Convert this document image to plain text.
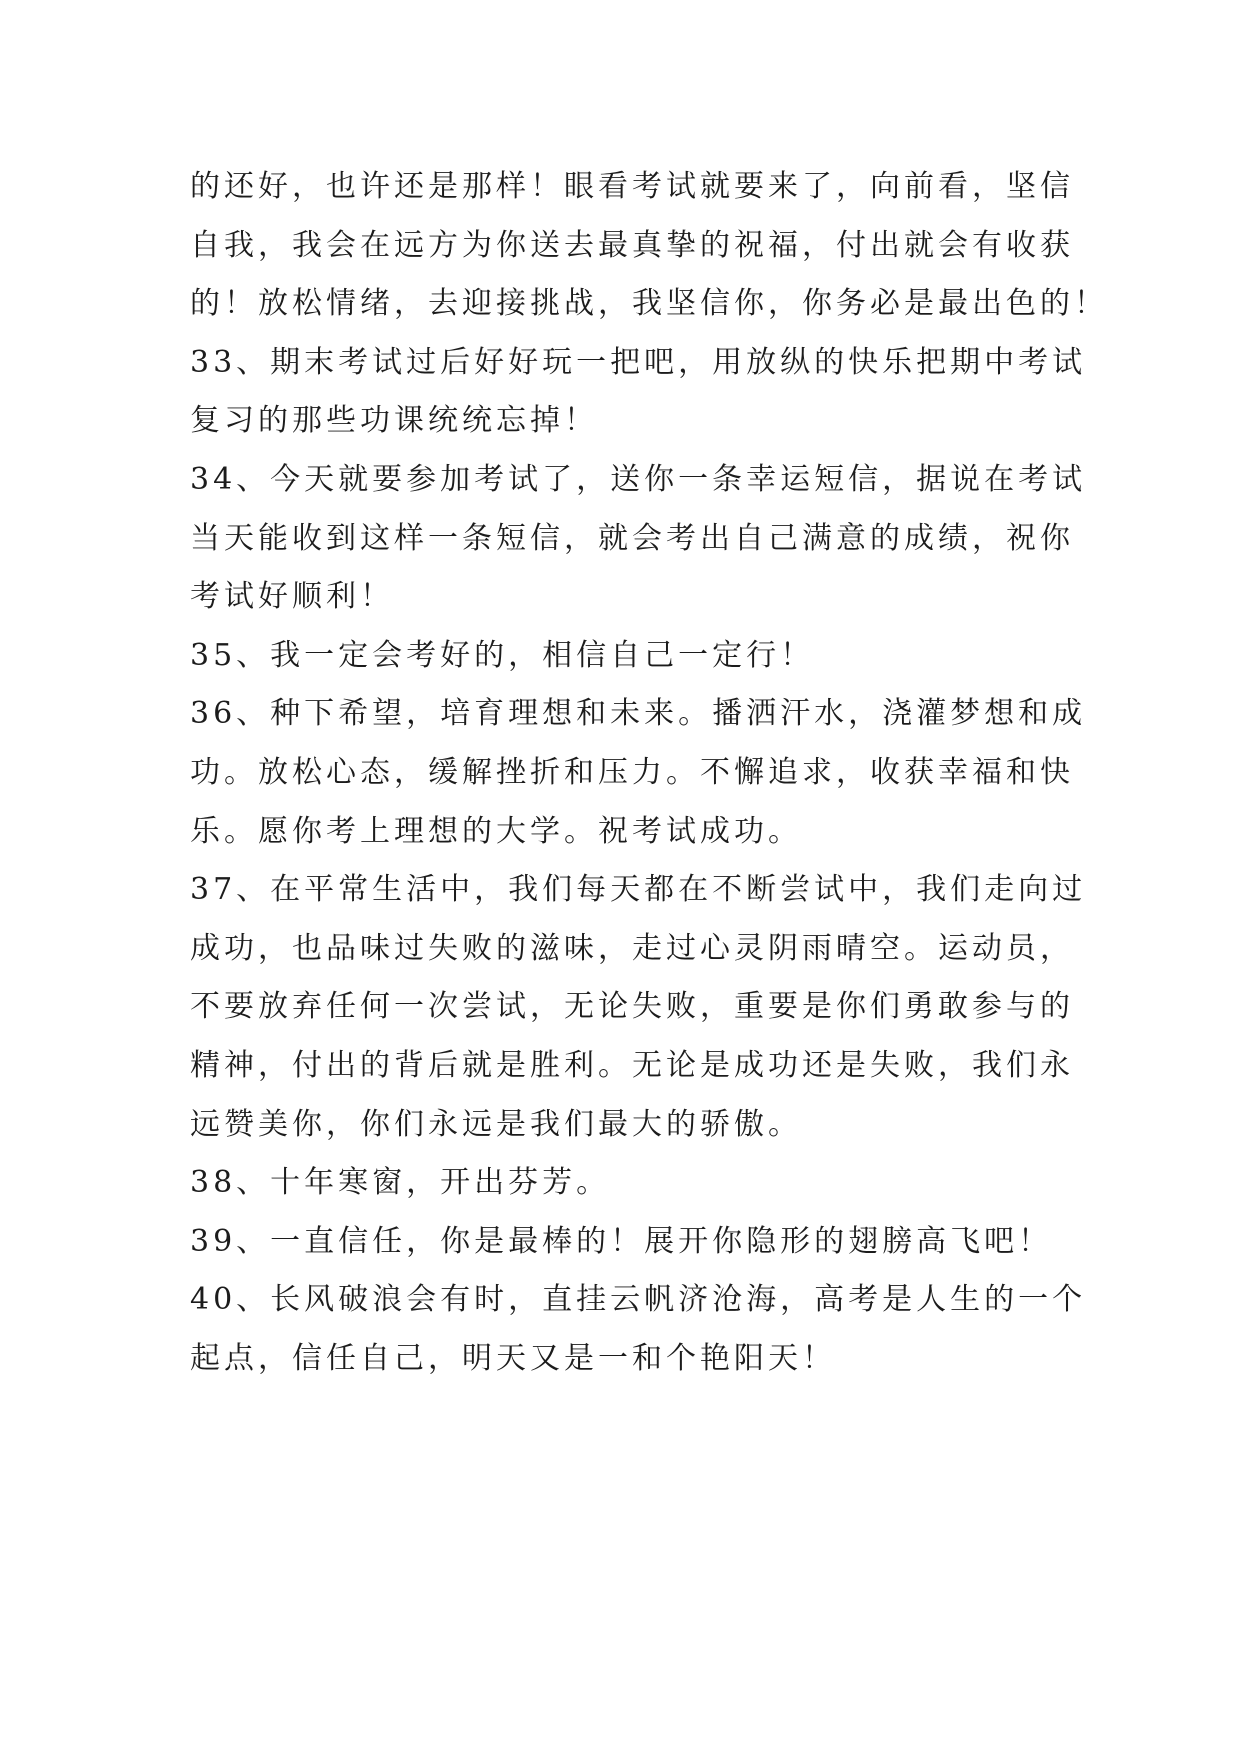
的还好，也许还是那样！眼看考试就要来了，向前看，坚信
自我，我会在远方为你送去最真挚的祝福，付出就会有收获
的！放松情绪，去迎接挑战，我坚信你，你务必是最出色的！
33、期末考试过后好好玩一把吧，用放纵的快乐把期中考试
复习的那些功课统统忘掉！
34、今天就要参加考试了，送你一条幸运短信，据说在考试
当天能收到这样一条短信，就会考出自己满意的成绩，祝你
考试好顺利！
35、我一定会考好的，相信自己一定行！
36、种下希望，培育理想和未来。播洒汗水，浇灌梦想和成
功。放松心态，缓解挫折和压力。不懈追求，收获幸福和快
乐。愿你考上理想的大学。祝考试成功。
37、在平常生活中，我们每天都在不断尝试中，我们走向过
成功，也品味过失败的滋味，走过心灵阴雨晴空。运动员，
不要放弃任何一次尝试，无论失败，重要是你们勇敢参与的
精神，付出的背后就是胜利。无论是成功还是失败，我们永
远赞美你，你们永远是我们最大的骄傲。
38、十年寒窗，开出芬芳。
39、一直信任，你是最棒的！展开你隐形的翅膀高飞吧！
40、长风破浪会有时，直挂云帆济沧海，高考是人生的一个
起点，信任自己，明天又是一和个艳阳天！
